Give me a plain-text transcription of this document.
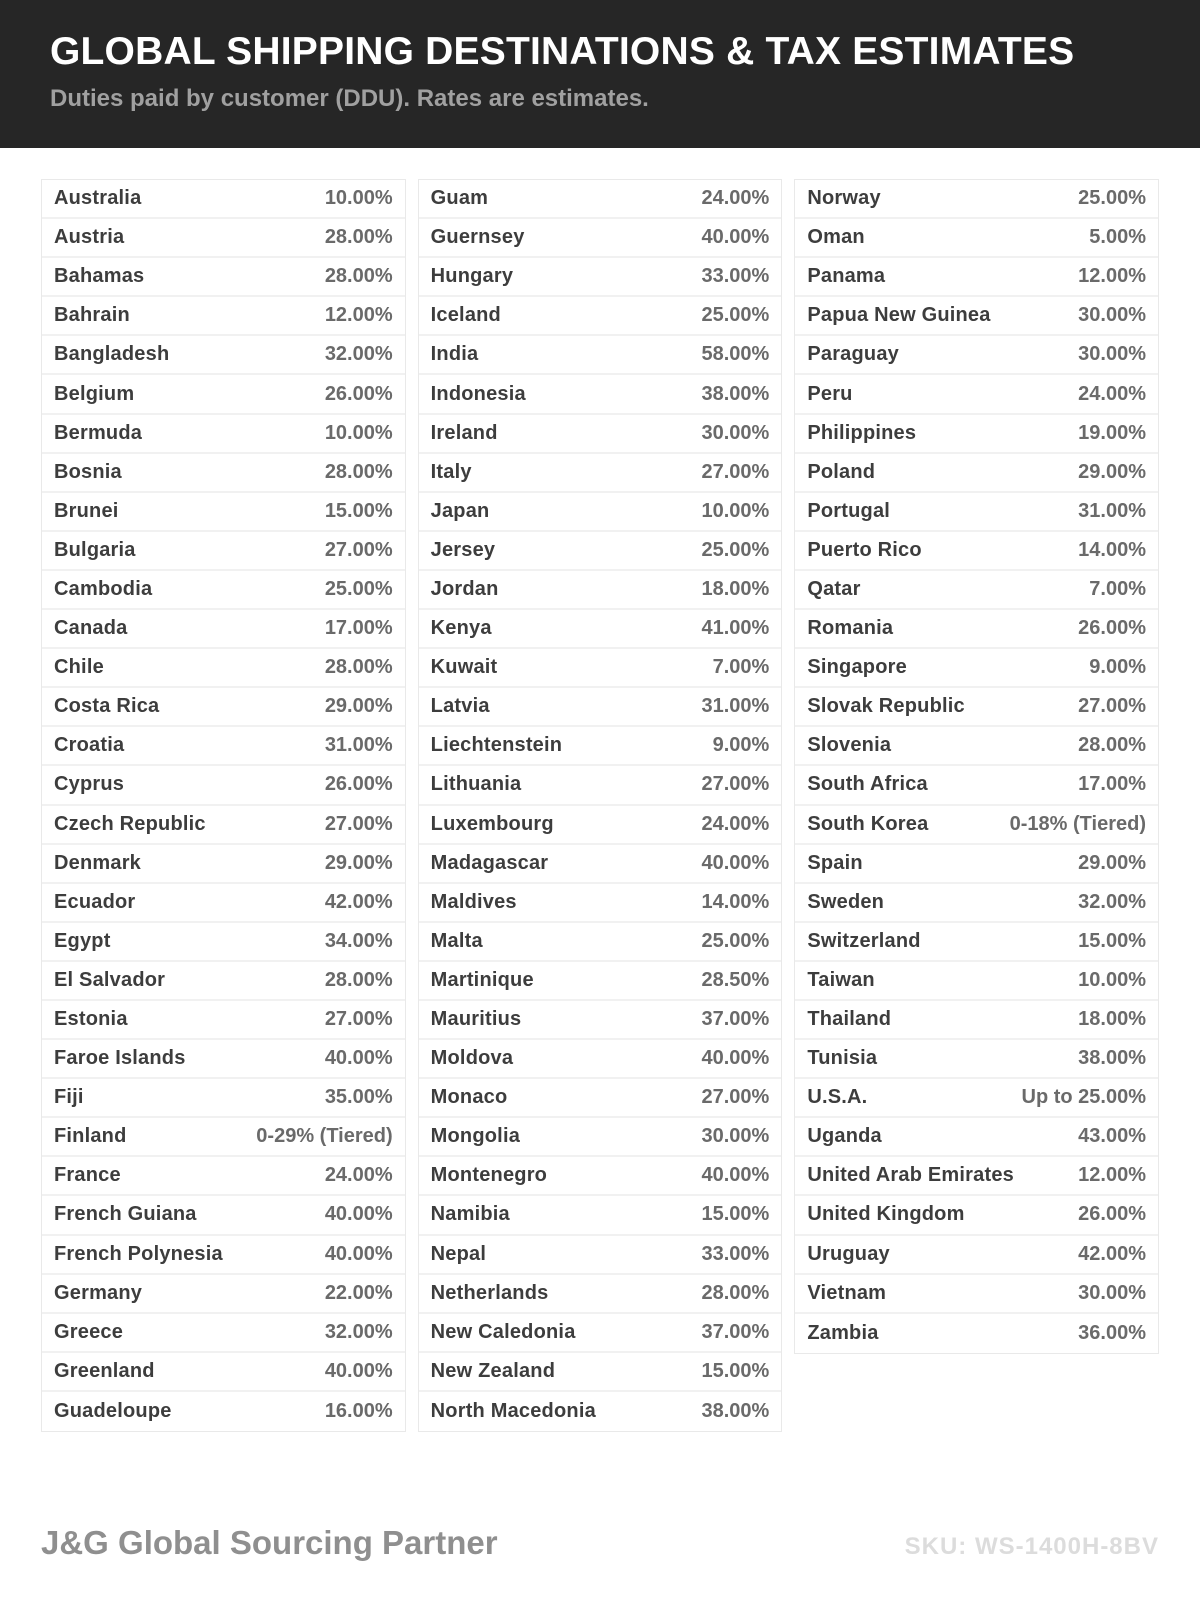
GLOBAL SHIPPING DESTINATIONS & TAX ESTIMATES
Duties paid by customer (DDU). Rates are estimates.
Australia	10.00%
Austria	28.00%
Bahamas	28.00%
Bahrain	12.00%
Bangladesh	32.00%
Belgium	26.00%
Bermuda	10.00%
Bosnia	28.00%
Brunei	15.00%
Bulgaria	27.00%
Cambodia	25.00%
Canada	17.00%
Chile	28.00%
Costa Rica	29.00%
Croatia	31.00%
Cyprus	26.00%
Czech Republic	27.00%
Denmark	29.00%
Ecuador	42.00%
Egypt	34.00%
El Salvador	28.00%
Estonia	27.00%
Faroe Islands	40.00%
Fiji	35.00%
Finland	0-29% (Tiered)
France	24.00%
French Guiana	40.00%
French Polynesia	40.00%
Germany	22.00%
Greece	32.00%
Greenland	40.00%
Guadeloupe	16.00%
Guam	24.00%
Guernsey	40.00%
Hungary	33.00%
Iceland	25.00%
India	58.00%
Indonesia	38.00%
Ireland	30.00%
Italy	27.00%
Japan	10.00%
Jersey	25.00%
Jordan	18.00%
Kenya	41.00%
Kuwait	7.00%
Latvia	31.00%
Liechtenstein	9.00%
Lithuania	27.00%
Luxembourg	24.00%
Madagascar	40.00%
Maldives	14.00%
Malta	25.00%
Martinique	28.50%
Mauritius	37.00%
Moldova	40.00%
Monaco	27.00%
Mongolia	30.00%
Montenegro	40.00%
Namibia	15.00%
Nepal	33.00%
Netherlands	28.00%
New Caledonia	37.00%
New Zealand	15.00%
North Macedonia	38.00%
Norway	25.00%
Oman	5.00%
Panama	12.00%
Papua New Guinea	30.00%
Paraguay	30.00%
Peru	24.00%
Philippines	19.00%
Poland	29.00%
Portugal	31.00%
Puerto Rico	14.00%
Qatar	7.00%
Romania	26.00%
Singapore	9.00%
Slovak Republic	27.00%
Slovenia	28.00%
South Africa	17.00%
South Korea	0-18% (Tiered)
Spain	29.00%
Sweden	32.00%
Switzerland	15.00%
Taiwan	10.00%
Thailand	18.00%
Tunisia	38.00%
U.S.A.	Up to 25.00%
Uganda	43.00%
United Arab Emirates	12.00%
United Kingdom	26.00%
Uruguay	42.00%
Vietnam	30.00%
Zambia	36.00%
J&G Global Sourcing Partner	SKU: WS-1400H-8BV
